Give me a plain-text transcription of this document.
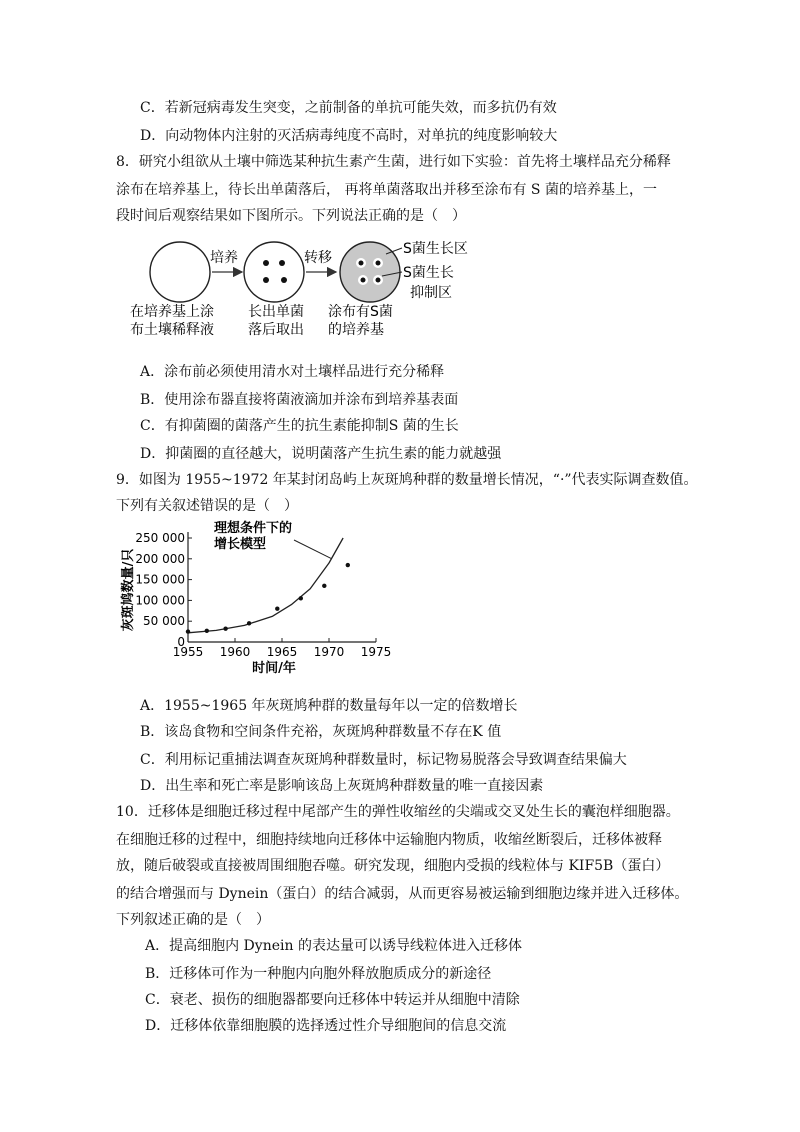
C．若新冠病毒发生突变，之前制备的单抗可能失效，而多抗仍有效
D．向动物体内注射的灭活病毒纯度不高时，对单抗的纯度影响较大
8．研究小组欲从土壤中筛选某种抗生素产生菌，进行如下实验：首先将土壤样品充分稀释
涂布在培养基上，待长出单菌落后， 再将单菌落取出并移至涂布有 S 菌的培养基上，一
段时间后观察结果如下图所示。下列说法正确的是（　）
培养	转移
S菌生长区
S菌生长
抑制区
在培养基上涂
布土壤稀释液
长出单菌
落后取出
涂布有S菌
的培养基
A．涂布前必须使用清水对土壤样品进行充分稀释
B．使用涂布器直接将菌液滴加并涂布到培养基表面
C．有抑菌圈的菌落产生的抗生素能抑制S 菌的生长
D．抑菌圈的直径越大，说明菌落产生抗生素的能力就越强
9．如图为 1955~1972 年某封闭岛屿上灰斑鸠种群的数量增长情况，“·”代表实际调查数值。
下列有关叙述错误的是（　）
0
50 000
100 000
150 000
200 000
250 000
1955 1960 1965 1970 1975
时间/年
灰斑鸠数量/只
理想条件下的
增长模型
A．1955~1965 年灰斑鸠种群的数量每年以一定的倍数增长
B．该岛食物和空间条件充裕，灰斑鸠种群数量不存在K 值
C．利用标记重捕法调查灰斑鸠种群数量时，标记物易脱落会导致调查结果偏大
D．出生率和死亡率是影响该岛上灰斑鸠种群数量的唯一直接因素
10．迁移体是细胞迁移过程中尾部产生的弹性收缩丝的尖端或交叉处生长的囊泡样细胞器。
在细胞迁移的过程中，细胞持续地向迁移体中运输胞内物质，收缩丝断裂后，迁移体被释
放，随后破裂或直接被周围细胞吞噬。研究发现，细胞内受损的线粒体与 KIF5B（蛋白）
的结合增强而与 Dynein（蛋白）的结合减弱，从而更容易被运输到细胞边缘并进入迁移体。
下列叙述正确的是（　）
A．提高细胞内 Dynein 的表达量可以诱导线粒体进入迁移体
B．迁移体可作为一种胞内向胞外释放胞质成分的新途径
C．衰老、损伤的细胞器都要向迁移体中转运并从细胞中清除
D．迁移体依靠细胞膜的选择透过性介导细胞间的信息交流
